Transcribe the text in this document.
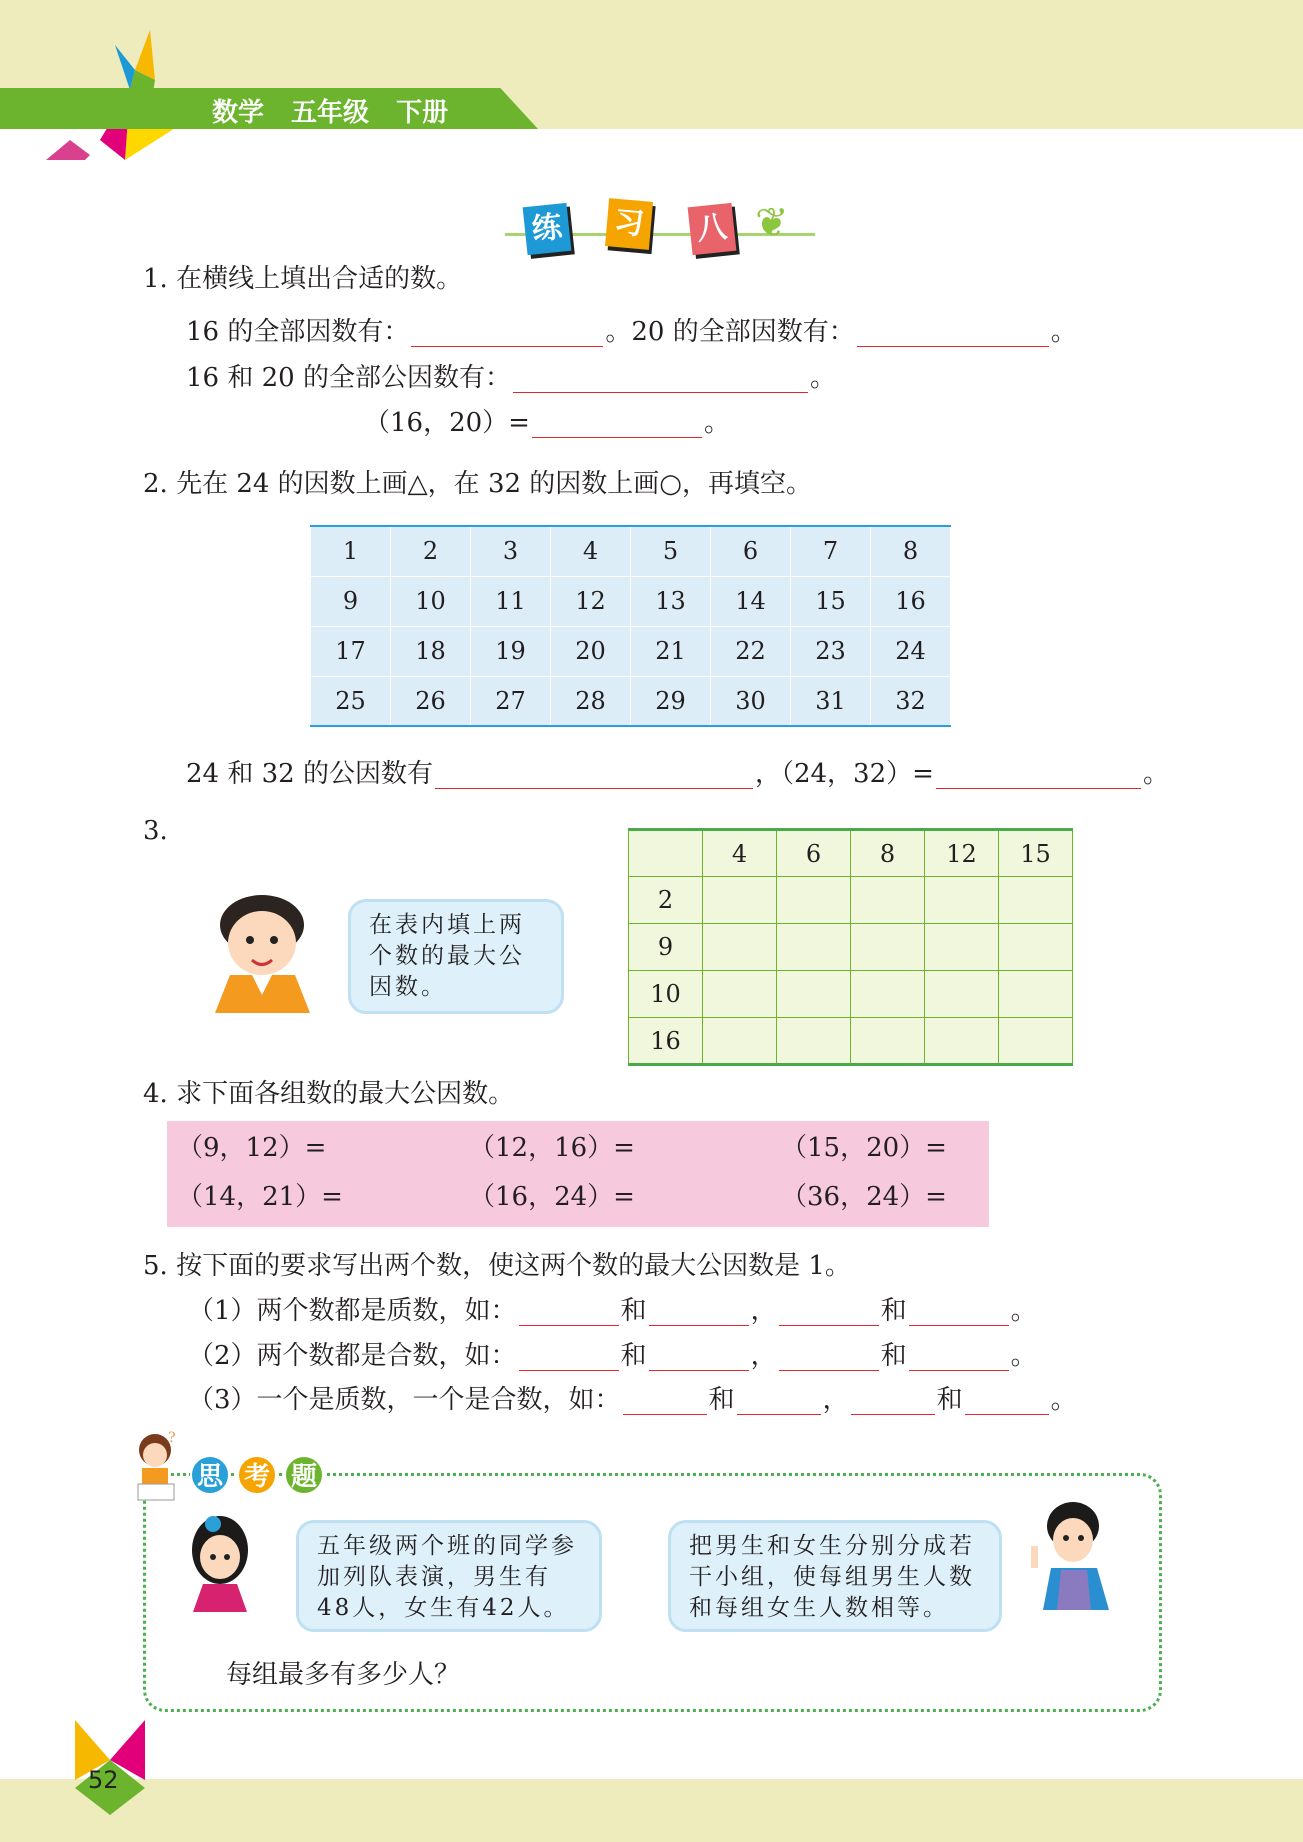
数学 五年级 下册
练 习 八 ❦
1. 在横线上填出合适的数。
16 的全部因数有：	。20 的全部因数有：	。
16 和 20 的全部公因数有：	。
（16，20）=	。
2. 先在 24 的因数上画△，在 32 的因数上画○，再填空。
1	2	3	4	5	6	7	8
9	10	11	12	13	14	15	16
17	18	19	20	21	22	23	24
25	26	27	28	29	30	31	32
24 和 32 的公因数有	，（24，32）=	。
3.
在表内填上两个数的最大公因数。
	4	6	8	12	15
2					
9					
10					
16					
4. 求下面各组数的最大公因数。
（9，12）=	（12，16）=	（15，20）=
（14，21）=	（16，24）=	（36，24）=
5. 按下面的要求写出两个数，使这两个数的最大公因数是 1。
（1）两个数都是质数，如：	和	，	和	。
（2）两个数都是合数，如：	和	，	和	。
（3）一个是质数，一个是合数，如：	和	，	和	。
?
思 考 题
五年级两个班的同学参加列队表演，男生有48人，女生有42人。
把男生和女生分别分成若干小组，使每组男生人数和每组女生人数相等。
每组最多有多少人？
52
